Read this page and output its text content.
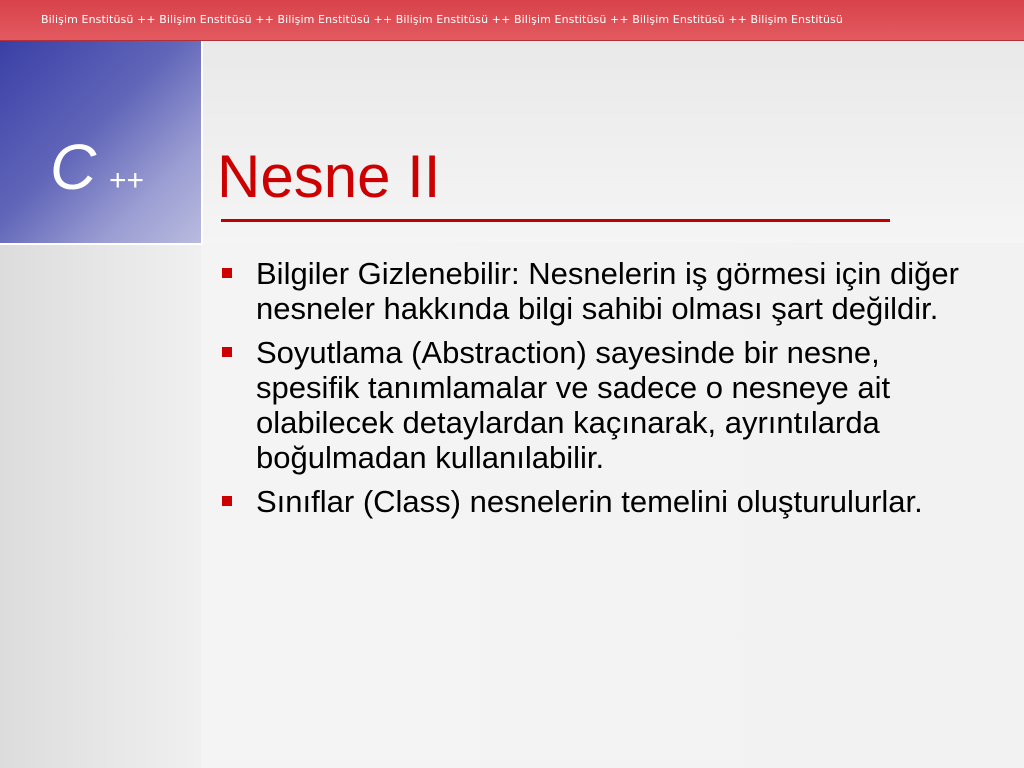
Bilişim Enstitüsü ++ Bilişim Enstitüsü ++ Bilişim Enstitüsü ++ Bilişim Enstitüsü ++ Bilişim Enstitüsü ++ Bilişim Enstitüsü ++ Bilişim Enstitüsü
C ++ Nesne II
Bilgiler Gizlenebilir: Nesnelerin iş görmesi için diğer nesneler hakkında bilgi sahibi olması şart değildir.
Soyutlama (Abstraction) sayesinde bir nesne, spesifik tanımlamalar ve sadece o nesneye ait olabilecek detaylardan kaçınarak, ayrıntılarda boğulmadan kullanılabilir.
Sınıflar (Class) nesnelerin temelini oluşturulurlar.
